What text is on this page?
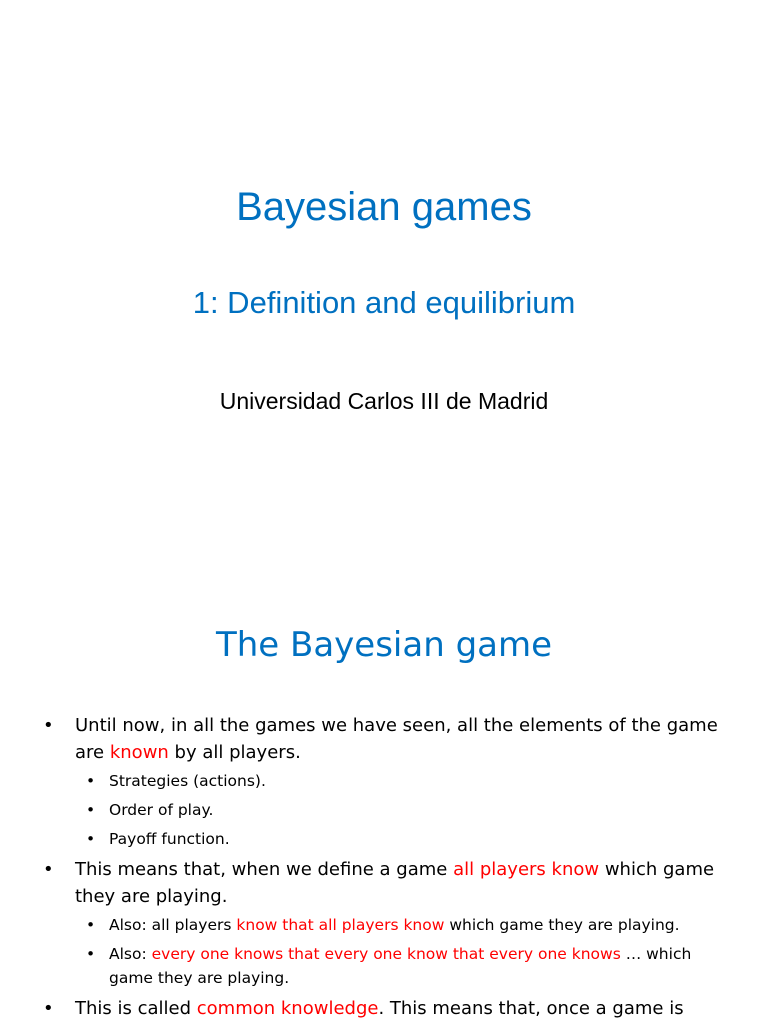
Bayesian games
1: Definition and equilibrium
Universidad Carlos III de Madrid
The Bayesian game
• Until now, in all the games we have seen, all the elements of the game are known by all players.
• Strategies (actions).
• Order of play.
• Payoff function.
• This means that, when we define a game all players know which game they are playing.
• Also: all players know that all players know which game they are playing.
• Also: every one knows that every one know that every one knows … which game they are playing.
• This is called common knowledge. This means that, once a game is
